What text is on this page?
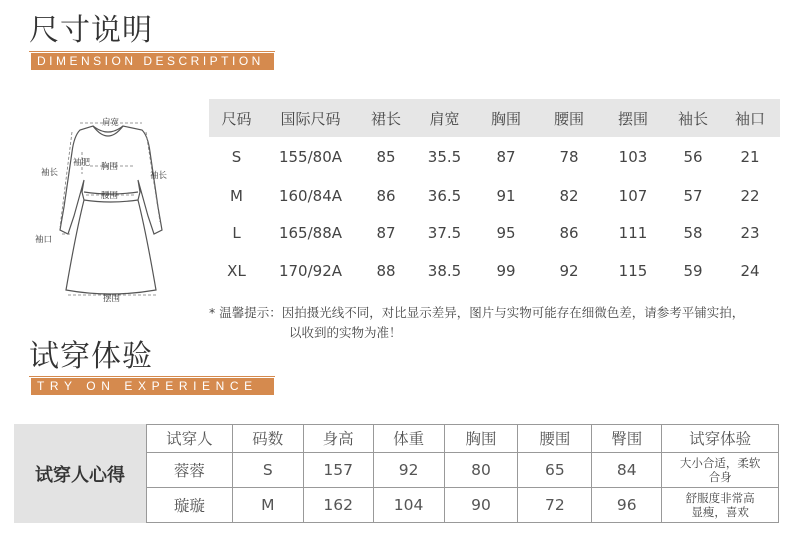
尺寸说明
DIMENSION DESCRIPTION
肩宽
胸围
腰围
摆围
袖长	袖长
袖肥
袖口
尺码	国际尺码	裙长	肩宽	胸围	腰围	摆围	袖长	袖口
S	155/80A	85	35.5	87	78	103	56	21
M	160/84A	86	36.5	91	82	107	57	22
L	165/88A	87	37.5	95	86	111	58	23
XL	170/92A	88	38.5	99	92	115	59	24
* 温馨提示：因拍摄光线不同，对比显示差异，图片与实物可能存在细微色差，请参考平铺实拍，
以收到的实物为准！
试穿体验
TRY ON EXPERIENCE
试穿人心得
试穿人	码数	身高	体重	胸围	腰围	臀围	试穿体验
蓉蓉	S	157	92	80	65	84	大小合适，柔软
合身

璇璇	M	162	104	90	72	96	舒服度非常高
显瘦，喜欢
